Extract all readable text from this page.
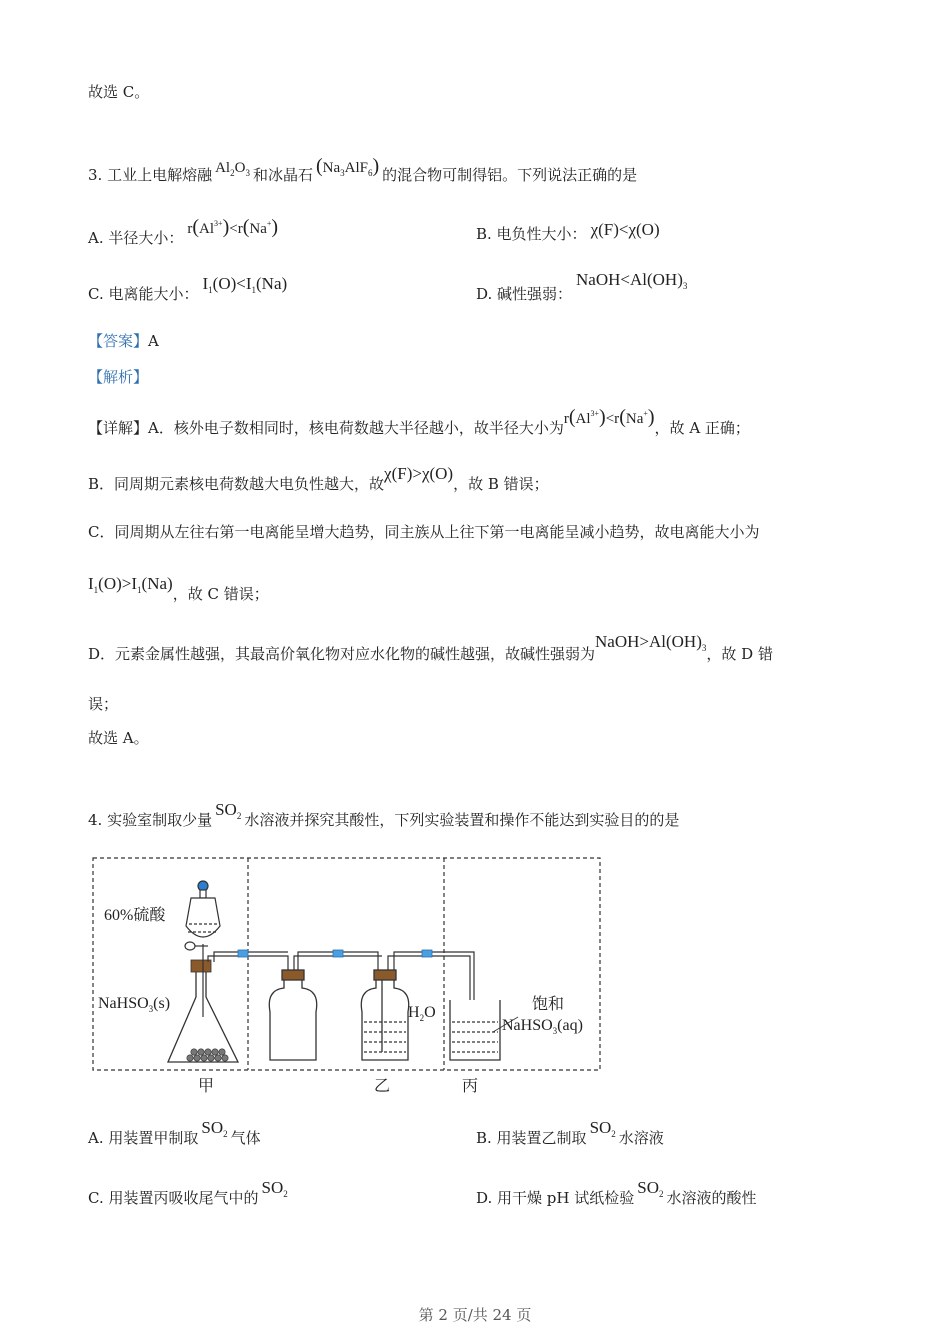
故选 C。
3. 工业上电解熔融 $Al_2O_3$ 和冰晶石 $(Na_3AlF_6)$ 的混合物可制得铝。下列说法正确的是
A. 半径大小： $r(Al^{3+})<r(Na^+)$	B. 电负性大小： χ(F)<χ(O)
C. 电离能大小：$I_1(O)<I_1(Na)$
D. 碱性强弱：$NaOH<Al(OH)_3$
【答案】A
【解析】
【详解】A．核外电子数相同时，核电荷数越大半径越小，故半径大小为$r(Al^{3+})<r(Na^+)$，故 A 正确；
B．同周期元素核电荷数越大电负性越大，故χ(F)>χ(O)，故 B 错误；
C．同周期从左往右第一电离能呈增大趋势，同主族从上往下第一电离能呈减小趋势，故电离能大小为
$I_1(O)>I_1(Na)$，故 C 错误；
D．元素金属性越强，其最高价氧化物对应水化物的碱性越强，故碱性强弱为$NaOH>Al(OH)_3$，故 D 错
误；
故选 A。
4. 实验室制取少量$SO_2$ 水溶液并探究其酸性，下列实验装置和操作不能达到实验目的的是
60%硫酸
NaHSO$_3$(s)
$H_2O$	饱和
NaHSO$_3$(aq)
甲	乙	丙
A. 用装置甲制取$SO_2$ 气体	B. 用装置乙制取$SO_2$ 水溶液
C. 用装置丙吸收尾气中的$SO_2$	D. 用干燥 pH 试纸检验$SO_2$ 水溶液的酸性
第 2 页/共 24 页
